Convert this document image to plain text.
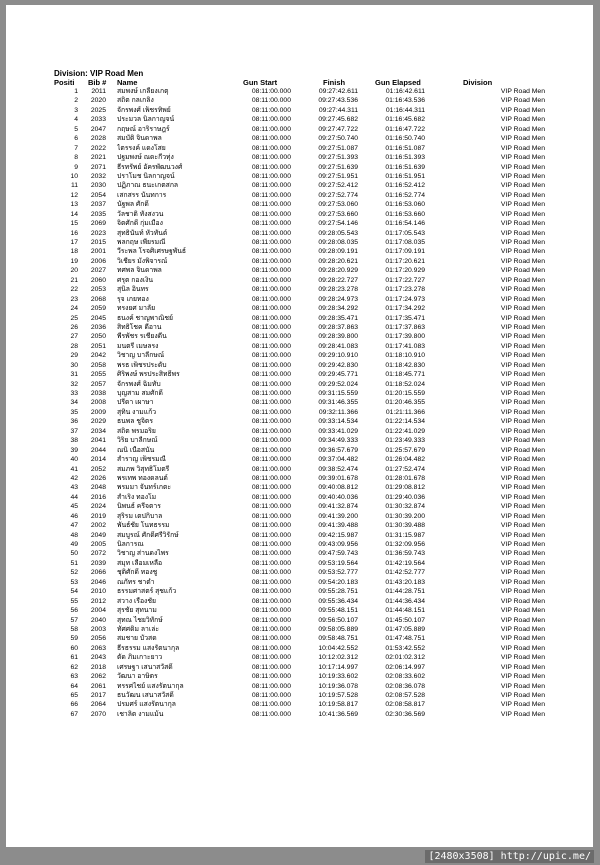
Division: VIP Road Men
Positi Bib # Name	Gun Start	Finish	Gun Elapsed	Division
1	2011 สมพงษ์ เกลี้ยงเกตุ	08:11:00.000	09:27:42.611	01:16:42.611	VIP Road Men
2	2020 สถิต กลเกลิ่ง	08:11:00.000	09:27:43.536	01:16:43.536	VIP Road Men
3	2025 จักรพงศ์ เพ็ชรทิพย์	08:11:00.000	09:27:44.311	01:16:44.311	VIP Road Men
4	2033 ประมวล นิลกาญจน์	08:11:00.000	09:27:45.682	01:16:45.682	VIP Road Men
5	2047 กฤษณ์ อาริราษฎร์	08:11:00.000	09:27:47.722	01:16:47.722	VIP Road Men
6	2028 สมบัติ จินดาพล	08:11:00.000	09:27:50.740	01:16:50.740	VIP Road Men
7	2022 ไตรรงค์ แดงโสย	08:11:00.000	09:27:51.087	01:16:51.087	VIP Road Men
8	2021 ปฐมพงษ์ ณดะกีวทุ่ง	08:11:00.000	09:27:51.393	01:16:51.393	VIP Road Men
9	2071 ธีรทรัพย์ อัครพัฒนวงศ์	08:11:00.000	09:27:51.639	01:16:51.639	VIP Road Men
10	2032 ปราโมช นิลกาญจน์	08:11:00.000	09:27:51.951	01:16:51.951	VIP Road Men
11	2030 ปฏิภาณ ธนะเกตสกล	08:11:00.000	09:27:52.412	01:16:52.412	VIP Road Men
12	2054 เสกสรร นันทการ	08:11:00.000	09:27:52.774	01:16:52.774	VIP Road Men
13	2037 นัฐพล ศักดิ์	08:11:00.000	09:27:53.060	01:16:53.060	VIP Road Men
14	2035 วัลชาติ ทั่งสงวน	08:11:00.000	09:27:53.660	01:16:53.660	VIP Road Men
15	2069 จิตศักดิ์ กุ่มเมือง	08:11:00.000	09:27:54.146	01:16:54.146	VIP Road Men
16	2023 สุทธินันท์ หัวทันต์	08:11:00.000	09:28:05.543	01:17:05.543	VIP Road Men
17	2015 พลกฤษ เพียรมณี	08:11:00.000	09:28:08.035	01:17:08.035	VIP Road Men
18	2001 วีระพล โรจศิเศรษฐพันธ์	08:11:00.000	09:28:09.191	01:17:09.191	VIP Road Men
19	2006 วิเชียร มั่งพิจารณ์	08:11:00.000	09:28:20.621	01:17:20.621	VIP Road Men
20	2027 ทศพล จินดาพล	08:11:00.000	09:28:20.929	01:17:20.929	VIP Road Men
21	2060 ศรุต กองเงิน	08:11:00.000	09:28:22.727	01:17:22.727	VIP Road Men
22	2053 สุนิล อินทร	08:11:00.000	09:28:23.278	01:17:23.278	VIP Road Men
23	2068 รุจ เกยทอง	08:11:00.000	09:28:24.973	01:17:24.973	VIP Road Men
24	2059 ทรงยศ มาลัย	08:11:00.000	09:28:34.292	01:17:34.292	VIP Road Men
25	2045 ธนงค์ ชาญพาณิชย์	08:11:00.000	09:28:35.471	01:17:35.471	VIP Road Men
26	2036 สิทธิโชค ดีอาน	08:11:00.000	09:28:37.863	01:17:37.863	VIP Road Men
27	2050 พีรพัชร รเชียงดีน	08:11:00.000	09:28:39.800	01:17:39.800	VIP Road Men
28	2051 มนตรี เมษลรง	08:11:00.000	09:28:41.083	01:17:41.083	VIP Road Men
29	2042 วิชาญ บาลีกษณ์	08:11:00.000	09:29:10.910	01:18:10.910	VIP Road Men
30	2058 พรธ เพ็ชรประดับ	08:11:00.000	09:29:42.830	01:18:42.830	VIP Road Men
31	2055 ศิริพงษ์ พรประสิทธิ์พร	08:11:00.000	09:29:45.771	01:18:45.771	VIP Road Men
32	2057 จักรพงศ์ ฉิมทับ	08:11:00.000	09:29:52.024	01:18:52.024	VIP Road Men
33	2038 บุญสาม สมศักดิ์	08:11:00.000	09:31:15.559	01:20:15.559	VIP Road Men
34	2008 ปรีดา เผาษา	08:11:00.000	09:31:46.355	01:20:46.355	VIP Road Men
35	2009 สุทิน งามแก้ว	08:11:00.000	09:32:11.366	01:21:11.366	VIP Road Men
36	2029 ธนพล ชูจิตร	08:11:00.000	09:33:14.534	01:22:14.534	VIP Road Men
37	2034 สถิต พรมอริย	08:11:00.000	09:33:41.029	01:22:41.029	VIP Road Men
38	2041 วิริย บาลีกษณ์	08:11:00.000	09:34:49.333	01:23:49.333	VIP Road Men
39	2044 ณนิ เนื้อสนั่น	08:11:00.000	09:36:57.679	01:25:57.679	VIP Road Men
40	2014 สำราญ เพ็ชรมณี	08:11:00.000	09:37:04.482	01:26:04.482	VIP Road Men
41	2052 สมภพ วิสุทธิโมตรี	08:11:00.000	09:38:52.474	01:27:52.474	VIP Road Men
42	2026 พรเทพ ทองดลนต์	08:11:00.000	09:39:01.678	01:28:01.678	VIP Road Men
43	2048 พรมมา จันทร์เกตะ	08:11:00.000	09:40:08.812	01:29:08.812	VIP Road Men
44	2016 สำเริง ทองโม	08:11:00.000	09:40:40.036	01:29:40.036	VIP Road Men
45	2024 นิพนธ์ ครีจตาร	08:11:00.000	09:41:32.874	01:30:32.874	VIP Road Men
46	2019 สุริรม เตปกิบาล	08:11:00.000	09:41:39.200	01:30:39.200	VIP Road Men
47	2002 พันธ์ชัย โนทธรรม	08:11:00.000	09:41:39.488	01:30:39.488	VIP Road Men
48	2049 สมบูรณ์ ศักดิ์ศรีวิรักษ์	08:11:00.000	09:42:15.987	01:31:15.987	VIP Road Men
49	2005 นิลการณ	08:11:00.000	09:43:09.956	01:32:09.956	VIP Road Men
50	2072 วิชาญ ส่านดงไพร	08:11:00.000	09:47:59.743	01:36:59.743	VIP Road Men
51	2039 สมุท เลื่อมเหลือ	08:11:00.000	09:53:19.564	01:42:19.564	VIP Road Men
52	2066 ชุติศักดิ์ ทองชู	08:11:00.000	09:53:52.777	01:42:52.777	VIP Road Men
53	2046 ณภัทร ชาตำ	08:11:00.000	09:54:20.183	01:43:20.183	VIP Road Men
54	2010 ธรรมศาสตร์ สุชแก้ว	08:11:00.000	09:55:28.751	01:44:28.751	VIP Road Men
55	2012 สวาง เรืองชัย	08:11:00.000	09:55:36.434	01:44:36.434	VIP Road Men
56	2004 สุรชัย สุทนาม	08:11:00.000	09:55:48.151	01:44:48.151	VIP Road Men
57	2040 สุทณ ไชยวิทักษ์	08:11:00.000	09:56:50.107	01:45:50.107	VIP Road Men
58	2003 ทัศศดิม ลาเล่ะ	08:11:00.000	09:58:05.889	01:47:05.889	VIP Road Men
59	2056 สมชาย บัวสด	08:11:00.000	09:58:48.751	01:47:48.751	VIP Road Men
60	2063 ธีรธรรม แสงรัตนากุล	08:11:00.000	10:04:42.552	01:53:42.552	VIP Road Men
61	2043 ตัด ภิมเกาะยาว	08:11:00.000	10:12:02.312	02:01:02.312	VIP Road Men
62	2018 เศรษฐา เสนาสวัสดิ์	08:11:00.000	10:17:14.997	02:06:14.997	VIP Road Men
63	2062 วัฒนา อาษิตร	08:11:00.000	10:19:33.602	02:08:33.602	VIP Road Men
64	2061 ทรรศไชย์ แสงรัตนากุล	08:11:00.000	10:19:36.078	02:08:36.078	VIP Road Men
65	2017 ธนวัฒน เสนาสวัสดิ์	08:11:00.000	10:19:57.528	02:08:57.528	VIP Road Men
66	2064 ปรมศร์ แสงรัตนากุล	08:11:00.000	10:19:58.817	02:08:58.817	VIP Road Men
67	2070 เชาลิต งามแม้น	08:11:00.000	10:41:36.569	02:30:36.569	VIP Road Men
[2480x3508] http://upic.me/
